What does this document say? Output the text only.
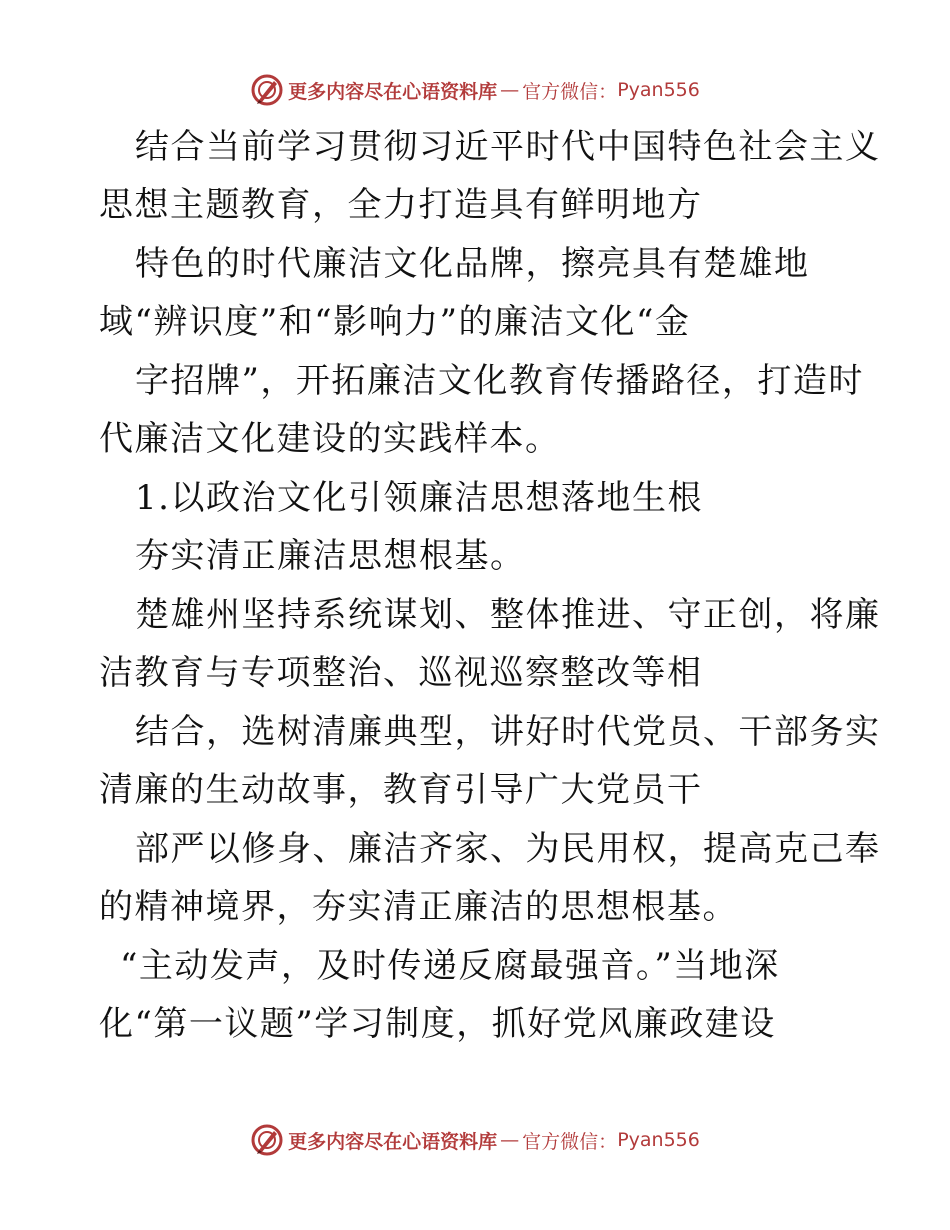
更多内容尽在心语资料库 — 官方微信： Pyan556
结合当前学习贯彻习近平时代中国特色社会主义
思想主题教育，全力打造具有鲜明地方
特色的时代廉洁文化品牌，擦亮具有楚雄地
域“辨识度”和“影响力”的廉洁文化“金
字招牌”，开拓廉洁文化教育传播路径，打造时
代廉洁文化建设的实践样本。
1.以政治文化引领廉洁思想落地生根
夯实清正廉洁思想根基。
楚雄州坚持系统谋划、整体推进、守正创，将廉
洁教育与专项整治、巡视巡察整改等相
结合，选树清廉典型，讲好时代党员、干部务实
清廉的生动故事，教育引导广大党员干
部严以修身、廉洁齐家、为民用权，提高克己奉
的精神境界，夯实清正廉洁的思想根基。
“主动发声，及时传递反腐最强音。”当地深
化“第一议题”学习制度，抓好党风廉政建设
更多内容尽在心语资料库 — 官方微信： Pyan556
